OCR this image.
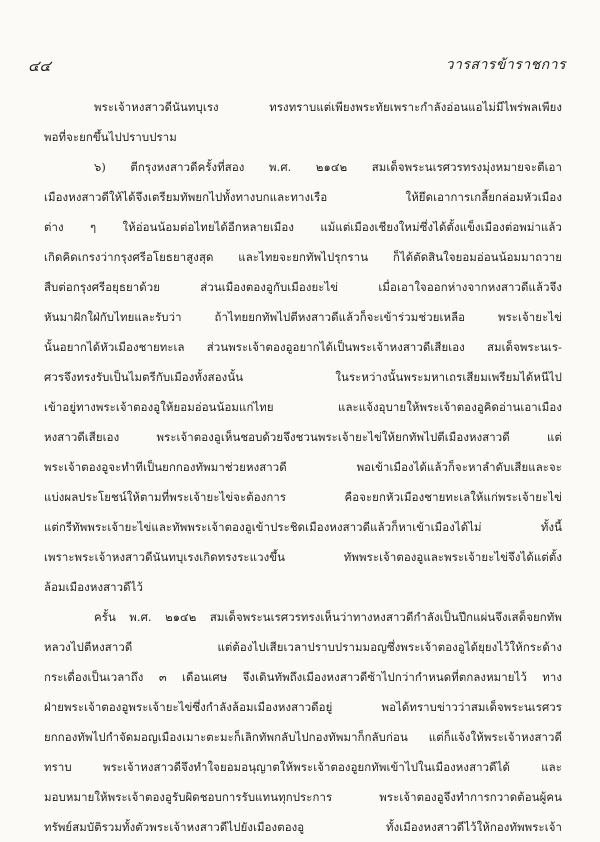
๔๔	วารสารข้าราชการ
พระเจ้าหงสาวดีนันทบุเรง ทรงทราบแต่เพียงพระทัยเพราะกำลังอ่อนแอไม่มีไพร่พลเพียง
พอที่จะยกขึ้นไปปราบปราม
๖) ตีกรุงหงสาวดีครั้งที่สอง พ.ศ. ๒๑๔๒ สมเด็จพระนเรศวรทรงมุ่งหมายจะตีเอา
เมืองหงสาวดีให้ได้จึงเตรียมทัพยกไปทั้งทางบกและทางเรือ ให้ยึดเอาการเกลี้ยกล่อมหัวเมือง
ต่าง ๆ ให้อ่อนน้อมต่อไทยได้อีกหลายเมือง แม้แต่เมืองเชียงใหม่ซึ่งได้ตั้งแข็งเมืองต่อพม่าแล้ว
เกิดคิดเกรงว่ากรุงศรีอโยธยาสูงสุด และไทยจะยกทัพไปรุกราน ก็ได้ตัดสินใจยอมอ่อนน้อมมาถวาย
สืบต่อกรุงศรีอยุธยาด้วย ส่วนเมืองตองอูกับเมืองยะไข่ เมื่อเอาใจออกห่างจากหงสาวดีแล้วจึง
หันมาฝักใฝ่กับไทยและรับว่า ถ้าไทยยกทัพไปตีหงสาวดีแล้วก็จะเข้าร่วมช่วยเหลือ พระเจ้ายะไข่
นั้นอยากได้หัวเมืองชายทะเล ส่วนพระเจ้าตองอูอยากได้เป็นพระเจ้าหงสาวดีเสียเอง สมเด็จพระนเร-
ศวรจึงทรงรับเป็นไมตรีกับเมืองทั้งสองนั้น ในระหว่างนั้นพระมหาเถรเสียมเพรียมได้หนีไป
เข้าอยู่ทางพระเจ้าตองอูให้ยอมอ่อนน้อมแก่ไทย และแจ้งอุบายให้พระเจ้าตองอูคิดอ่านเอาเมือง
หงสาวดีเสียเอง พระเจ้าตองอูเห็นชอบด้วยจึงชวนพระเจ้ายะไข่ให้ยกทัพไปตีเมืองหงสาวดี แต่
พระเจ้าตองอูจะทำทีเป็นยกกองทัพมาช่วยหงสาวดี พอเข้าเมืองได้แล้วก็จะหาลำดับเสียและจะ
แบ่งผลประโยชน์ให้ตามที่พระเจ้ายะไข่จะต้องการ คือจะยกหัวเมืองชายทะเลให้แก่พระเจ้ายะไข่
แต่กรีทัพพระเจ้ายะไข่และทัพพระเจ้าตองอูเข้าประชิดเมืองหงสาวดีแล้วก็หาเข้าเมืองได้ไม่ ทั้งนี้
เพราะพระเจ้าหงสาวดีนันทบุเรงเกิดทรงระแวงขึ้น ทัพพระเจ้าตองอูและพระเจ้ายะไข่จึงได้แต่ตั้ง
ล้อมเมืองหงสาวดีไว้
ครั้น พ.ศ. ๒๑๔๒ สมเด็จพระนเรศวรทรงเห็นว่าทางหงสาวดีกำลังเป็นปึกแผ่นจึงเสด็จยกทัพ
หลวงไปตีหงสาวดี แต่ต้องไปเสียเวลาปราบปรามมอญซึ่งพระเจ้าตองอูได้ยุยงไว้ให้กระด้าง
กระเดื่องเป็นเวลาถึง ๓ เดือนเศษ จึงเดินทัพถึงเมืองหงสาวดีซ้าไปกว่ากำหนดที่ตกลงหมายไว้ ทาง
ฝ่ายพระเจ้าตองอูพระเจ้ายะไข่ซึ่งกำลังล้อมเมืองหงสาวดีอยู่ พอได้ทราบข่าวว่าสมเด็จพระนเรศวร
ยกกองทัพไปกำจัดมอญเมืองเมาะตะมะก็เลิกทัพกลับไปกองทัพมาก็กลับก่อน แต่ก็แจ้งให้พระเจ้าหงสาวดี
ทราบ พระเจ้าหงสาวดีจึงทำใจยอมอนุญาตให้พระเจ้าตองอูยกทัพเข้าไปในเมืองหงสาวดีได้ และ
มอบหมายให้พระเจ้าตองอูรับผิดชอบการรับแทนทุกประการ พระเจ้าตองอูจึงทำการกวาดต้อนผู้คน
ทรัพย์สมบัติรวมทั้งตัวพระเจ้าหงสาวดีไปยังเมืองตองอู ทั้งเมืองหงสาวดีไว้ให้กองทัพพระเจ้า
